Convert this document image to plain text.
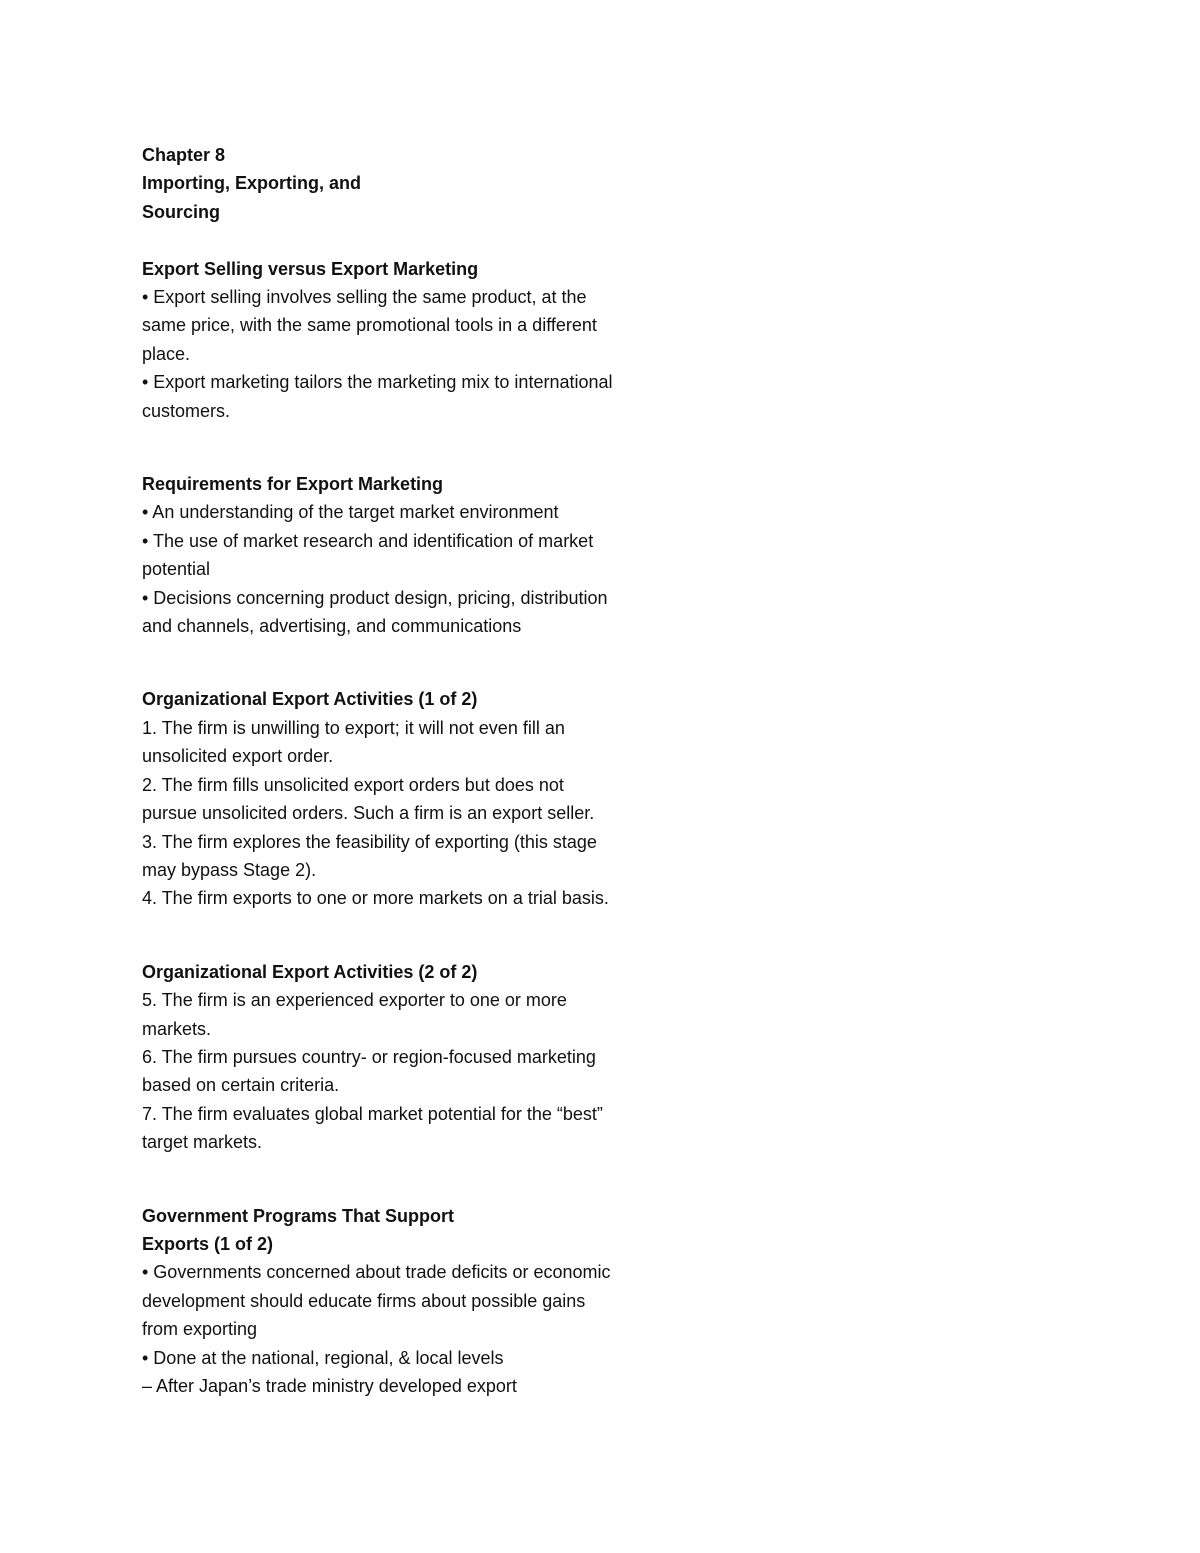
Chapter 8
Importing, Exporting, and
Sourcing
Export Selling versus Export Marketing
• Export selling involves selling the same product, at the
same price, with the same promotional tools in a different
place.
• Export marketing tailors the marketing mix to international
customers.
Requirements for Export Marketing
• An understanding of the target market environment
• The use of market research and identification of market
potential
• Decisions concerning product design, pricing, distribution
and channels, advertising, and communications
Organizational Export Activities (1 of 2)
1. The firm is unwilling to export; it will not even fill an
unsolicited export order.
2. The firm fills unsolicited export orders but does not
pursue unsolicited orders. Such a firm is an export seller.
3. The firm explores the feasibility of exporting (this stage
may bypass Stage 2).
4. The firm exports to one or more markets on a trial basis.
Organizational Export Activities (2 of 2)
5. The firm is an experienced exporter to one or more
markets.
6. The firm pursues country- or region-focused marketing
based on certain criteria.
7. The firm evaluates global market potential for the “best”
target markets.
Government Programs That Support
Exports (1 of 2)
• Governments concerned about trade deficits or economic
development should educate firms about possible gains
from exporting
• Done at the national, regional, & local levels
– After Japan’s trade ministry developed export
